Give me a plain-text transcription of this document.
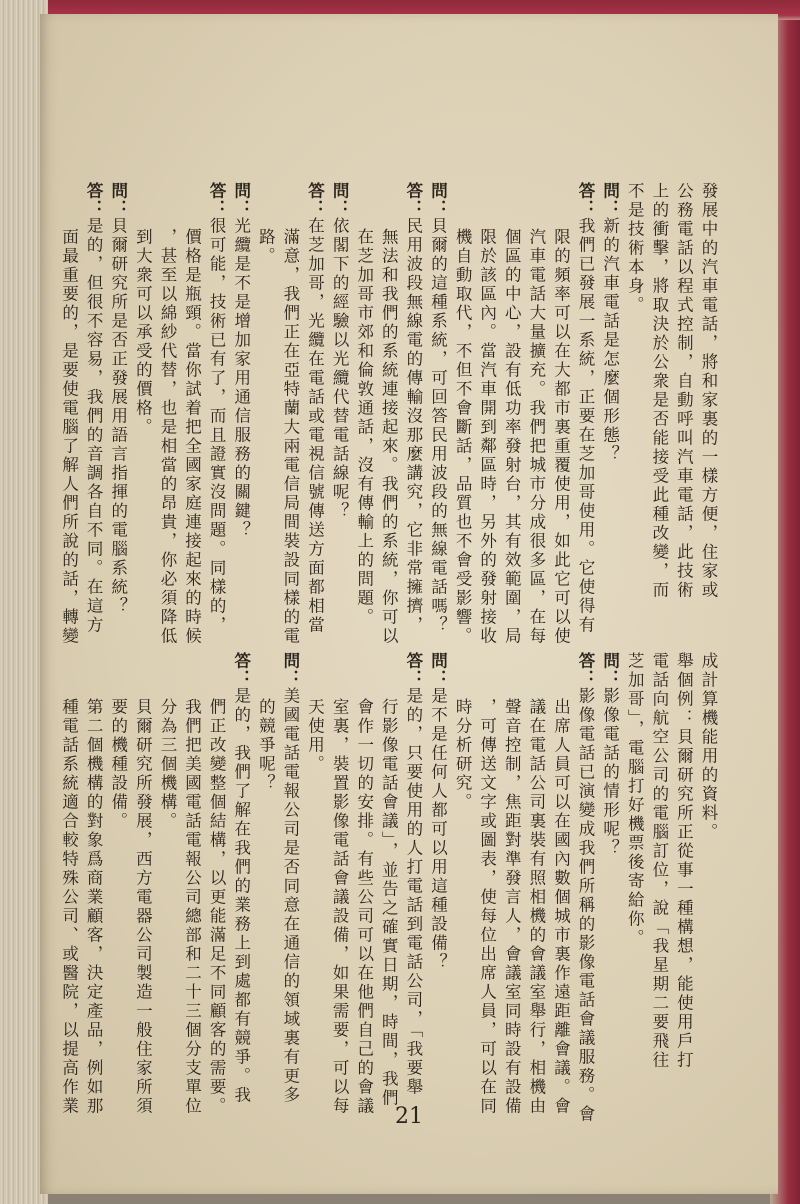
發展中的汽車電話，將和家裏的一樣方便，住家或
公務電話以程式控制，自動呼叫汽車電話，此技術
上的衝擊，將取決於公衆是否能接受此種改變，而
不是技術本身。
問：新的汽車電話是怎麼個形態？
答：我們已發展一系統，正要在芝加哥使用。它使得有
限的頻率可以在大都市裏重覆使用，如此它可以使
汽車電話大量擴充。我們把城市分成很多區，在每
個區的中心，設有低功率發射台，其有效範圍，局
限於該區內。當汽車開到鄰區時，另外的發射接收
機自動取代，不但不會斷話，品質也不會受影響。
問：貝爾的這種系統，可回答民用波段的無線電話嗎？
答：民用波段無線電的傳輸沒那麼講究，它非常擁擠，
無法和我們的系統連接起來。我們的系統，你可以
在芝加哥市郊和倫敦通話，沒有傳輸上的問題。
問：依閣下的經驗以光纜代替電話線呢？
答：在芝加哥，光纜在電話或電視信號傳送方面都相當
滿意，我們正在亞特蘭大兩電信局間裝設同樣的電
路。
問：光纜是不是增加家用通信服務的關鍵？
答：很可能，技術已有了，而且證實沒問題。同樣的，
價格是瓶頸。當你試着把全國家庭連接起來的時候
，甚至以綿紗代替，也是相當的昂貴，你必須降低
到大衆可以承受的價格。
問：貝爾研究所是否正發展用語言指揮的電腦系統？
答：是的，但很不容易，我們的音調各自不同。在這方
面最重要的，是要使電腦了解人們所說的話，轉變
成計算機能用的資料。
舉個例：貝爾研究所正從事一種構想，能使用戶打
電話向航空公司的電腦訂位，說「我星期二要飛往
芝加哥」，電腦打好機票後寄給你。
問：影像電話的情形呢？
答：影像電話已演變成我們所稱的影像電話會議服務。會
出席人員可以在國內數個城市裏作遠距離會議。會
議在電話公司裏裝有照相機的會議室舉行，相機由
聲音控制，焦距對準發言人，會議室同時設有設備
，可傳送文字或圖表，使每位出席人員，可以在同
時分析研究。
問：是不是任何人都可以用這種設備？
答：是的，只要使用的人打電話到電話公司，「我要舉
行影像電話會議」，並告之確實日期，時間，我們
會作一切的安排。有些公司可以在他們自己的會議
室裏，裝置影像電話會議設備，如果需要，可以每
天使用。
問：美國電話電報公司是否同意在通信的領域裏有更多
的競爭呢？
答：是的，我們了解在我們的業務上到處都有競爭。我
們正改變整個結構，以更能滿足不同顧客的需要。
我們把美國電話電報公司總部和二十三個分支單位
分為三個機構。
貝爾研究所發展，西方電器公司製造一般住家所須
要的機種設備。
第二個機構的對象爲商業顧客，決定產品，例如那
種電話系統適合較特殊公司、或醫院，以提高作業
21
